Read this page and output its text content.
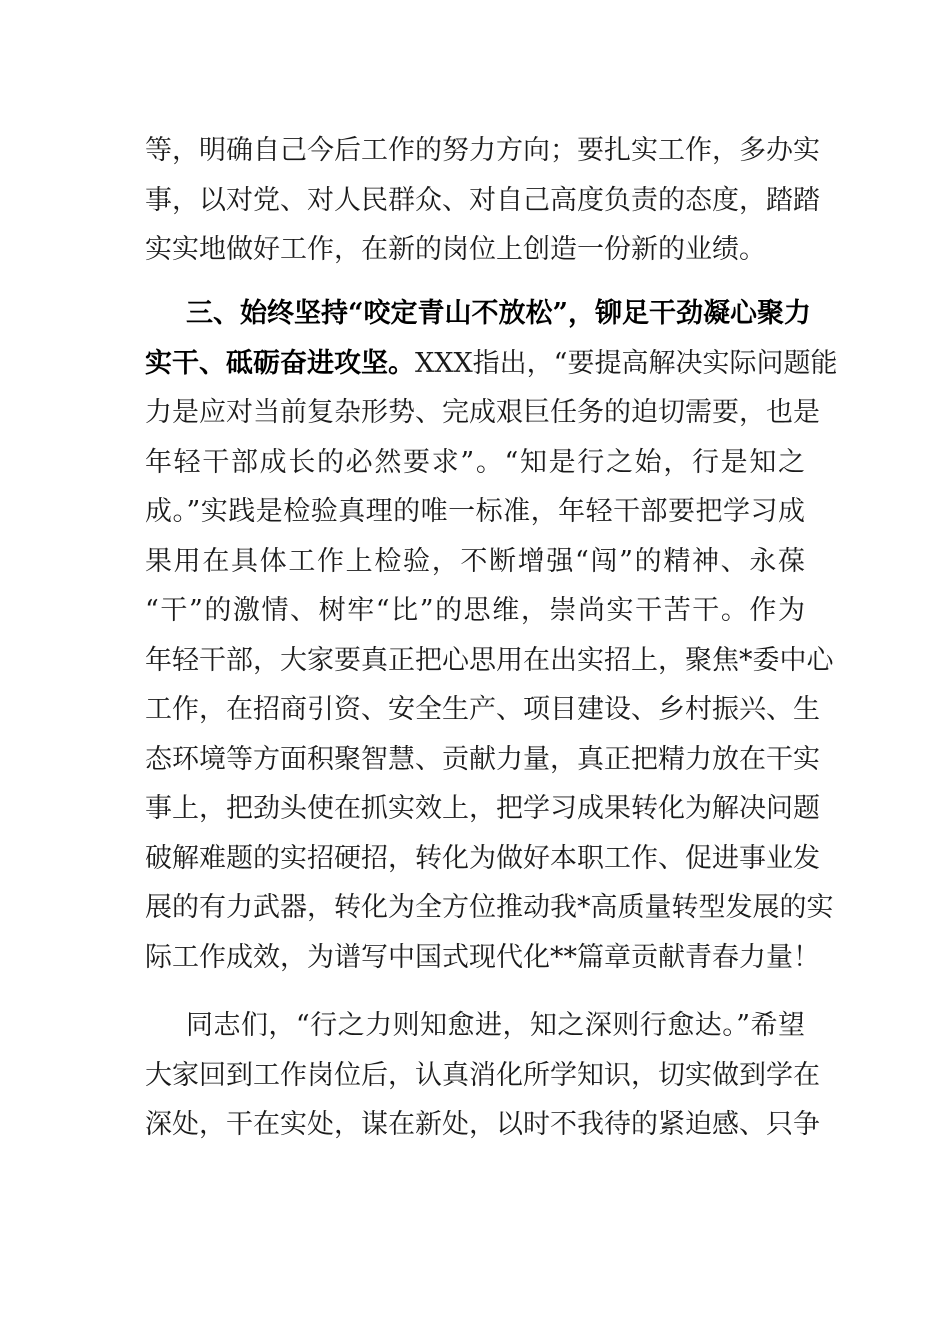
等，明确自己今后工作的努力方向；要扎实工作，多办实
事，以对党、对人民群众、对自己高度负责的态度，踏踏
实实地做好工作，在新的岗位上创造一份新的业绩。
三、始终坚持“咬定青山不放松”，铆足干劲凝心聚力
实干、砥砺奋进攻坚。XXX指出，“要提高解决实际问题能
力是应对当前复杂形势、完成艰巨任务的迫切需要，也是
年轻干部成长的必然要求”。“知是行之始，行是知之
成。”实践是检验真理的唯一标准，年轻干部要把学习成
果用在具体工作上检验，不断增强“闯”的精神、永葆
“干”的激情、树牢“比”的思维，崇尚实干苦干。作为
年轻干部，大家要真正把心思用在出实招上，聚焦*委中心
工作，在招商引资、安全生产、项目建设、乡村振兴、生
态环境等方面积聚智慧、贡献力量，真正把精力放在干实
事上，把劲头使在抓实效上，把学习成果转化为解决问题
破解难题的实招硬招，转化为做好本职工作、促进事业发
展的有力武器，转化为全方位推动我*高质量转型发展的实
际工作成效，为谱写中国式现代化**篇章贡献青春力量！
同志们，“行之力则知愈进，知之深则行愈达。”希望
大家回到工作岗位后，认真消化所学知识，切实做到学在
深处，干在实处，谋在新处，以时不我待的紧迫感、只争
